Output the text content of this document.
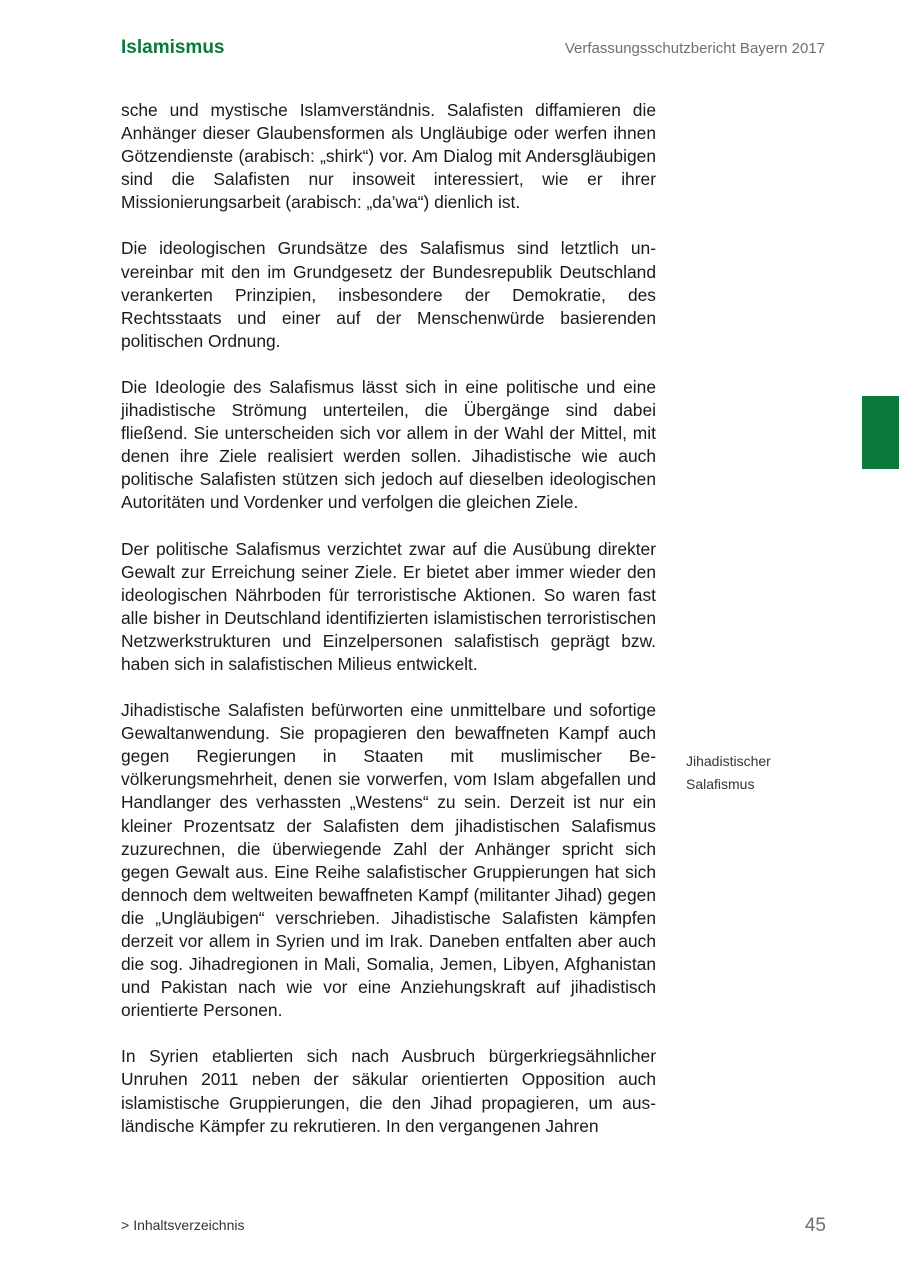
Islamismus	Verfassungsschutzbericht Bayern 2017

sche und mystische Islamverständnis. Salafisten diffamieren die Anhänger dieser Glaubensformen als Ungläubige oder werfen ihnen Götzendienste (arabisch: „shirk“) vor. Am Dialog mit Andersgläubigen sind die Salafisten nur insoweit interessiert, wie er ihrer Missionierungsarbeit (arabisch: „da’wa“) dienlich ist.

Die ideologischen Grundsätze des Salafismus sind letztlich unvereinbar mit den im Grundgesetz der Bundesrepublik Deutschland verankerten Prinzipien, insbesondere der Demokratie, des Rechtsstaats und einer auf der Menschenwürde basierenden politischen Ordnung.

Die Ideologie des Salafismus lässt sich in eine politische und eine jihadistische Strömung unterteilen, die Übergänge sind dabei fließend. Sie unterscheiden sich vor allem in der Wahl der Mittel, mit denen ihre Ziele realisiert werden sollen. Jihadistische wie auch politische Salafisten stützen sich jedoch auf dieselben ideologischen Autoritäten und Vordenker und verfolgen die gleichen Ziele.

Der politische Salafismus verzichtet zwar auf die Ausübung direkter Gewalt zur Erreichung seiner Ziele. Er bietet aber immer wieder den ideologischen Nährboden für terroristische Aktionen. So waren fast alle bisher in Deutschland identifizierten islamistischen terroristischen Netzwerkstrukturen und Einzelpersonen salafistisch geprägt bzw. haben sich in salafistischen Milieus entwickelt.

Jihadistische Salafisten befürworten eine unmittelbare und sofortige Gewaltanwendung. Sie propagieren den bewaffneten Kampf auch gegen Regierungen in Staaten mit muslimischer Bevölkerungsmehrheit, denen sie vorwerfen, vom Islam abgefallen und Handlanger des verhassten „Westens“ zu sein. Derzeit ist nur ein kleiner Prozentsatz der Salafisten dem jihadistischen Salafismus zuzurechnen, die überwiegende Zahl der Anhänger spricht sich gegen Gewalt aus. Eine Reihe salafistischer Gruppierungen hat sich dennoch dem weltweiten bewaffneten Kampf (militanter Jihad) gegen die „Ungläubigen“ verschrieben. Jihadistische Salafisten kämpfen derzeit vor allem in Syrien und im Irak. Daneben entfalten aber auch die sog. Jihadregionen in Mali, Somalia, Jemen, Libyen, Afghanistan und Pakistan nach wie vor eine Anziehungskraft auf jihadistisch orientierte Personen.

In Syrien etablierten sich nach Ausbruch bürgerkriegsähnlicher Unruhen 2011 neben der säkular orientierten Opposition auch islamistische Gruppierungen, die den Jihad propagieren, um ausländische Kämpfer zu rekrutieren. In den vergangenen Jahren

Jihadistischer
Salafismus
> Inhaltsverzeichnis	45
